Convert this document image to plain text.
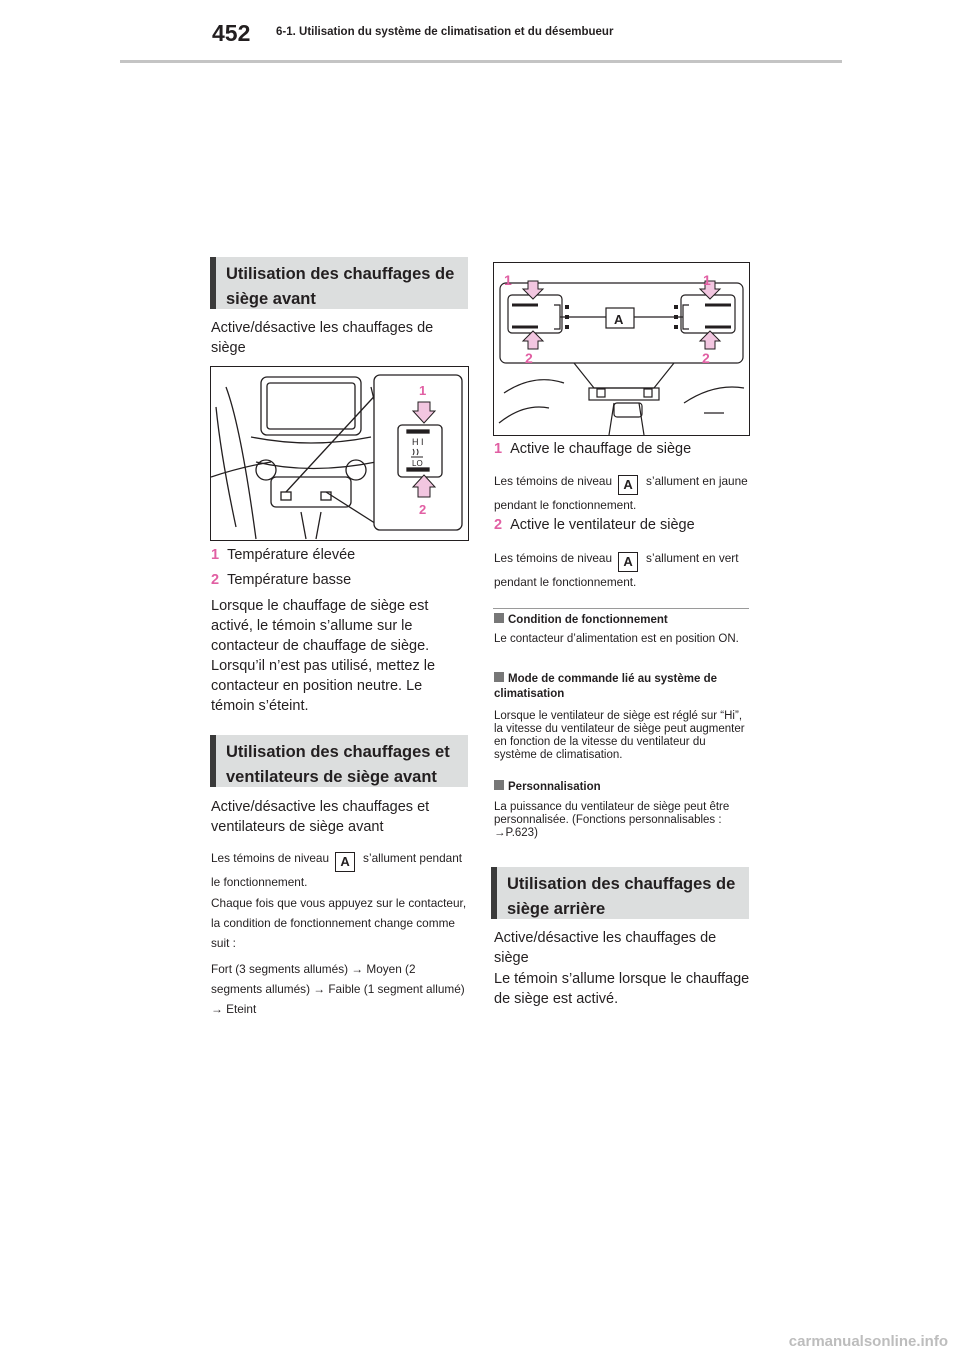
452 6-1. Utilisation du système de climatisation et du désembueur
Utilisation des chauffages de siège avant
Active/désactive les chauffages de siège
H I
LO
1
2
1 Température élevée
2 Température basse
Lorsque le chauffage de siège est activé, le témoin s’allume sur le contacteur de chauffage de siège.
Lorsqu’il n’est pas utilisé, mettez le contacteur en position neutre. Le témoin s’éteint.
Utilisation des chauffages et ventilateurs de siège avant
Active/désactive les chauffages et ventilateurs de siège avant
Les témoins de niveau A s’allument pendant le fonctionnement.
Chaque fois que vous appuyez sur le contacteur, la condition de fonctionnement change comme suit :
Fort (3 segments allumés) → Moyen (2 segments allumés) → Faible (1 segment allumé) → Eteint
A
1	1
2	2
1 Active le chauffage de siège
Les témoins de niveau A s’allument en jaune pendant le fonctionnement.
2 Active le ventilateur de siège
Les témoins de niveau A s’allument en vert pendant le fonctionnement.
Condition de fonctionnement
Le contacteur d’alimentation est en position ON.
Mode de commande lié au système de climatisation
Lorsque le ventilateur de siège est réglé sur “Hi”, la vitesse du ventilateur de siège peut augmenter en fonction de la vitesse du ventilateur du système de climatisation.
Personnalisation
La puissance du ventilateur de siège peut être personnalisée. (Fonctions personnalisables : →P.623)
Utilisation des chauffages de siège arrière
Active/désactive les chauffages de siège
Le témoin s’allume lorsque le chauffage de siège est activé.
carmanualsonline.info
